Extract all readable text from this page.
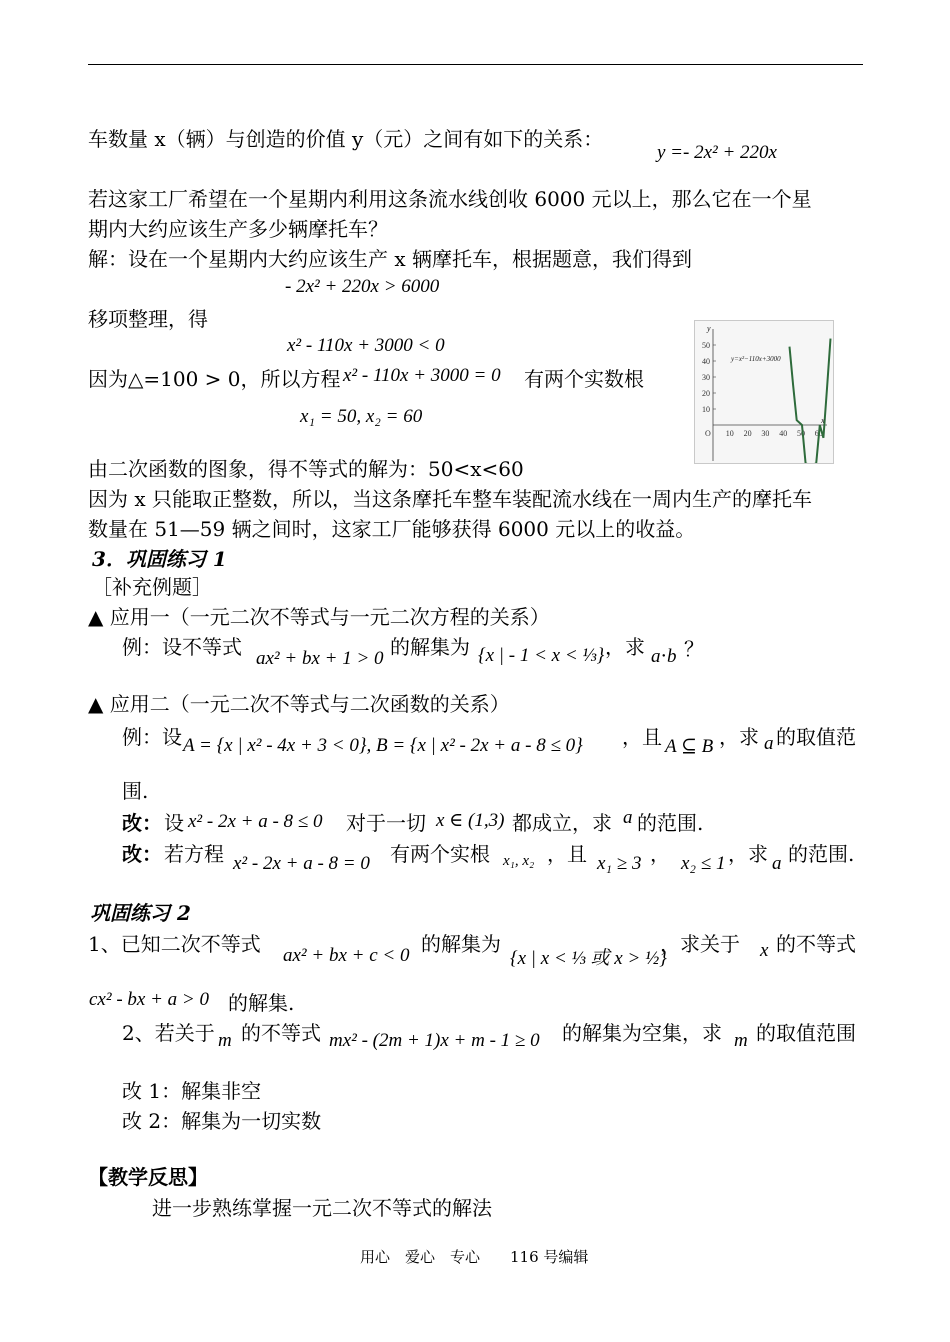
车数量 x（辆）与创造的价值 y（元）之间有如下的关系：
y =- 2x² + 220x
若这家工厂希望在一个星期内利用这条流水线创收 6000 元以上，那么它在一个星
期内大约应该生产多少辆摩托车？
解：设在一个星期内大约应该生产 x 辆摩托车，根据题意，我们得到
- 2x² + 220x > 6000
移项整理，得
x² - 110x + 3000 < 0
因为△=100 > 0，所以方程 x² - 110x + 3000 = 0 有两个实数根
x₁ = 50, x₂ = 60
O 10 20 30 40 50 60
10
20
30
40
50
y=x²−110x+3000
x
y
由二次函数的图象，得不等式的解为：50<x<60
因为 x 只能取正整数，所以，当这条摩托车整车装配流水线在一周内生产的摩托车
数量在 51—59 辆之间时，这家工厂能够获得 6000 元以上的收益。
3．巩固练习 1
［补充例题］
▲ 应用一（一元二次不等式与一元二次方程的关系）
例：设不等式 ax² + bx + 1 > 0 的解集为 {x | - 1 < x < ⅓} ，求 a⋅b ？
▲ 应用二（一元二次不等式与二次函数的关系）
例：设 A = {x | x² - 4x + 3 < 0}, B = {x | x² - 2x + a - 8 ≤ 0} ，且 A ⊆ B ，求 a 的取值范
围.
改： 设 x² - 2x + a - 8 ≤ 0 对于一切 x ∈ (1,3) 都成立，求 a 的范围.
改： 若方程 x² - 2x + a - 8 = 0 有两个实根 x₁, x₂ ，且 x₁ ≥ 3 ， x₂ ≤ 1 ，求 a 的范围.
巩固练习 2
1、已知二次不等式 ax² + bx + c < 0 的解集为
{x | x < ⅓ 或 x > ½}
，求关于 x 的不等式
cx² - bx + a > 0 的解集.
2、若关于 m 的不等式 mx² - (2m + 1)x + m - 1 ≥ 0 的解集为空集，求 m 的取值范围
改 1：解集非空
改 2：解集为一切实数
【教学反思】
进一步熟练掌握一元二次不等式的解法
用心　爱心　专心　　116 号编辑
